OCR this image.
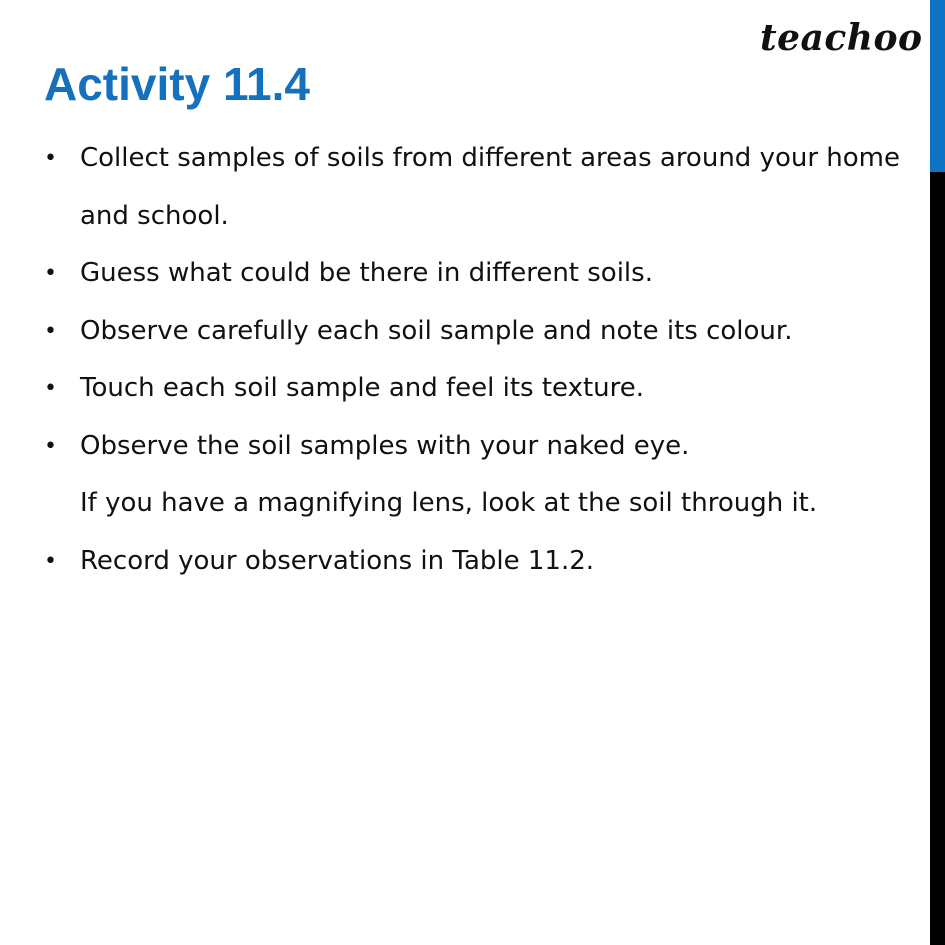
teachoo
Activity 11.4
• Collect samples of soils from different areas around your home
and school.
• Guess what could be there in different soils.
• Observe carefully each soil sample and note its colour.
• Touch each soil sample and feel its texture.
• Observe the soil samples with your naked eye.
If you have a magnifying lens, look at the soil through it.
• Record your observations in Table 11.2.
